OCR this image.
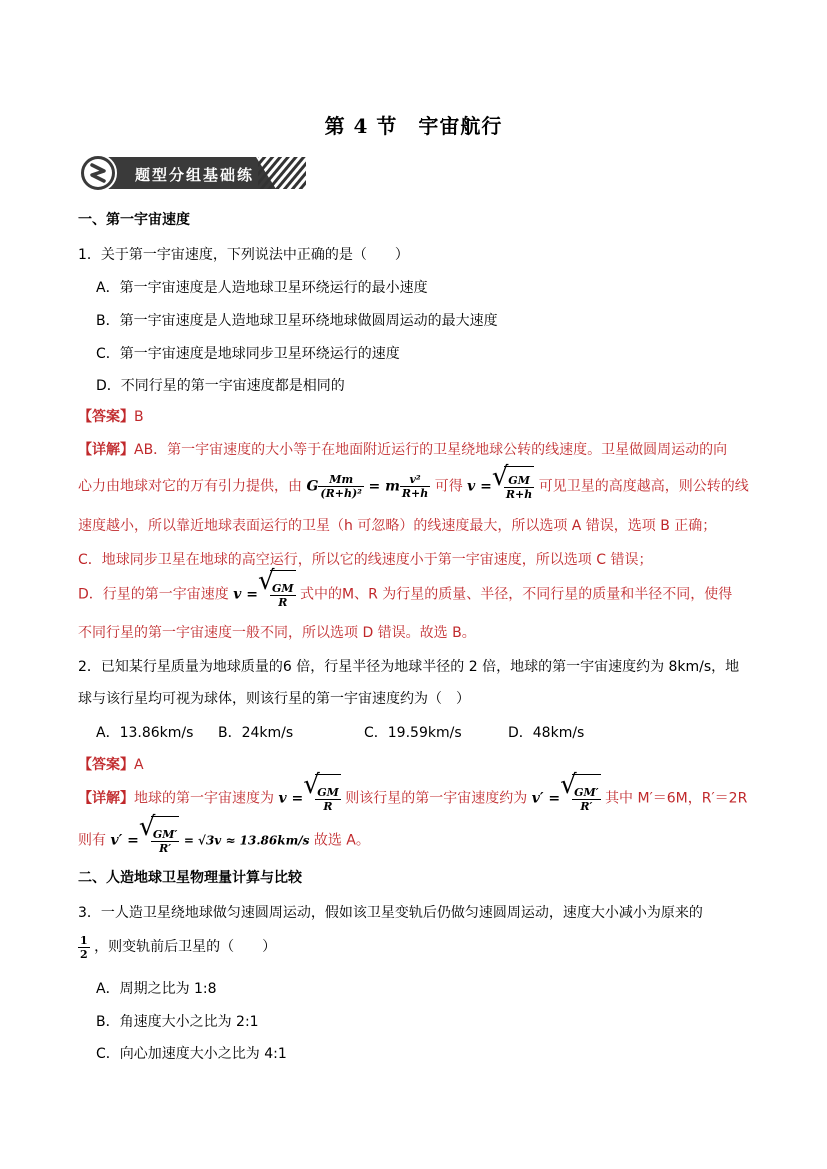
第 4 节　宇宙航行
题型分组基础练
一、第一宇宙速度
1．关于第一宇宙速度，下列说法中正确的是（　　）
A．第一宇宙速度是人造地球卫星环绕运行的最小速度
B．第一宇宙速度是人造地球卫星环绕地球做圆周运动的最大速度
C．第一宇宙速度是地球同步卫星环绕运行的速度
D．不同行星的第一宇宙速度都是相同的
【答案】B
【详解】AB．第一宇宙速度的大小等于在地面附近运行的卫星绕地球公转的线速度。卫星做圆周运动的向
心力由地球对它的万有引力提供，由 G $\frac{Mm}{\text{(R+h)²}} = m \frac{\text{v²}}{R+h}$ 可得 v = √
$\frac{GM}{R+h}$ 可见卫星的高度越高，则公转的线
速度越小，所以靠近地球表面运行的卫星（h 可忽略）的线速度最大，所以选项 A 错误，选项 B 正确；
C．地球同步卫星在地球的高空运行，所以它的线速度小于第一宇宙速度，所以选项 C 错误；
D．行星的第一宇宙速度 v = √
$\frac{GM}{R}$ 式中的M、R 为行星的质量、半径，不同行星的质量和半径不同，使得
不同行星的第一宇宙速度一般不同，所以选项 D 错误。故选 B。
2．已知某行星质量为地球质量的6 倍，行星半径为地球半径的 2 倍，地球的第一宇宙速度约为 8km/s，地
球与该行星均可视为球体，则该行星的第一宇宙速度约为（　）
A．13.86km/s B．24km/s	C．19.59km/s	D．48km/s
【答案】A
【详解】地球的第一宇宙速度为 v = √
$\frac{GM}{R}$ 则该行星的第一宇宙速度约为 v′ = √
$\frac{GM'}{R'}$ 其中 M′＝6M，R′＝2R
则有 v′ = √
$\frac{GM'}{R'} = √3v \approx 13.86km/s$ 故选 A。
二、人造地球卫星物理量计算与比较
3．一人造卫星绕地球做匀速圆周运动，假如该卫星变轨后仍做匀速圆周运动，速度大小减小为原来的
$\frac{1}{2}$ ，则变轨前后卫星的（　　）
A．周期之比为 1:8
B．角速度大小之比为 2:1
C．向心加速度大小之比为 4:1
